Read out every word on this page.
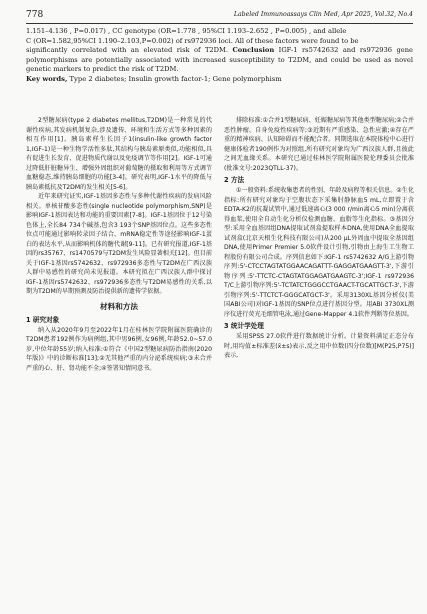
778	Labeled Immunoassays Clin Med, Apr 2025, Vol.32, No.4

1.151–4.136 , P=0.017) , CC genotype (OR=1.778 , 95%CI 1.193–2.652 , P=0.005) , and allele

C (OR=1.582,95%CI 1.190–2.103,P=0.002) of rs972936 loci. All of these factors were found to be

significantly correlated with an elevated risk of T2DM. Conclusion IGF-1 rs5742632 and rs972936 gene polymorphisms are potentially associated with increased susceptibility to T2DM, and could be used as novel genetic markers to predict the risk of T2DM.

Key words, Type 2 diabetes; Insulin growth factor-1; Gene polymorphism

2型糖尿病(type 2 diabetes mellitus,T2DM)是一种常见的代谢性疾病,其发病机制复杂,涉及遗传、环境和生活方式等多种因素的相互作用[1]。胰岛素样生长因子1(insulin-like growth factor 1,IGF-1)是一种生物学活性多肽,其结构与胰岛素原类似,功能相似,具有促进生长发育、促进物质代谢以及免疫调节等作用[2]。IGF-1可通过降低肝脏糖异生、增强外周组织对葡萄糖的摄取和利用等方式调节血糖稳态,维持胰岛细胞的功能[3-4]。研究表明,IGF-1水平的降低与胰岛素抵抗及T2DM的发生相关[5-6]。

近年来研究证实,IGF-1基因多态性与多种代谢性疾病的发病风险相关。单核苷酸多态性(single nucleotide polymorphism,SNP)是影响IGF-1基因表达和功能的重要因素[7-8]。IGF-1基因位于12号染色体上,全长84 734个碱基,包含3 193个SNP基因位点。这些多态性位点可能通过影响转录因子结合、mRNA稳定性等途径影响IGF-1蛋白的表达水平,从而影响机体的糖代谢[9-11]。已有研究报道,IGF-1基因的rs35767、rs1470579与T2DM发生风险显著相关[12]。但目前关于IGF-1基因rs5742632、rs972936多态性与T2DM在广西汉族人群中易感性的研究尚未见报道。本研究拟在广西汉族人群中探讨IGF-1基因rs5742632、rs972936多态性与T2DM易感性的关系,以期为T2DM的早期预测及防治提供新的遗传学依据。

材料和方法
1 研究对象

纳入从2020年9月至2022年1月在桂林医学院附属医院确诊的T2DM患者192例作为病例组,其中男96例,女96例,年龄52.0~57.0岁,中位年龄55岁;纳入标准:①符合《中国2型糖尿病防治指南(2020年版)》中的诊断标准[13];②无其他严重的内分泌系统疾病;③未合并严重的心、肝、肾功能不全;④签署知情同意书。

排除标准:①合并1型糖尿病、妊娠糖尿病等其他类型糖尿病;②合并恶性肿瘤、自身免疫性疾病等;③近期有严重感染、急性应激;④存在严重的精神疾病、认知障碍而不能配合者。同期选取在本院体检中心进行健康体检者190例作为对照组,所有研究对象均为广西汉族人群,且彼此之间无血缘关系。本研究已通过桂林医学院附属医院伦理委员会批准(批准文号:2023QTLL-37)。

2 方法

①一般资料:系统收集患者的性别、年龄及病程等相关信息。②生化指标:所有研究对象均于空腹状态下采集肘静脉血5 mL,立即置于含EDTA-K2的抗凝试管中,通过低速离心(3 000 r/min离心5 min)分离获得血浆,使用全自动生化分析仪检测血糖、血脂等生化指标。③基因分型:采用全血基因组DNA提取试剂盒提取样本DNA,使用DNA全血提取试剂盒(北京天根生化科技有限公司)从200 μL外周血中提取全基因组DNA,使用Primer Premier 5.0软件设计引物,引物由上海生工生物工程股份有限公司合成。序列信息如下:IGF-1 rs5742632 A/G上游引物序列:5'-CTCCTAGTATGGAACAGATTT-GAGGATGAAGTT-3',下游引物序列:5'-TTCTC-CTAGTATGGAGATGAAGTC-3';IGF-1 rs972936 T/C上游引物序列:5'-TCTATCTGGGCCTGAACT-TGCATTGCT-3',下游引物序列:5'-TTCTCT-GGGCATGCT-3'。采用3130XL基因分析仪(美国ABI公司)对IGF-1基因的SNP位点进行基因分型。用ABI 3730XL测序仪进行荧光毛细管电泳,通过Gene-Mapper 4.1软件判断等位基因。

3 统计学处理

采用SPSS 27.0软件进行数据统计分析。计量资料满足正态分布时,用均值±标准差(x̄±s)表示,反之用中位数(四分位数)[M(P25,P75)]表示,
